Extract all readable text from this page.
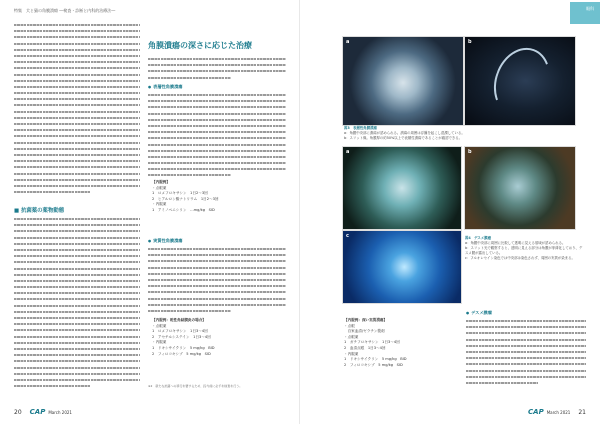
特集　犬と猫の角膜潰瘍 ―検査・診断と内科的治療法―
■ 抗菌薬の薬物動態
角膜潰瘍の深さに応じた治療
● 表層性角膜潰瘍
【内服例】
・点眼薬
1　ロメフロキサシン　1日2〜3回
2　ヒアルロン酸ナトリウム　1日2〜3回
・内服薬
1　アミノペニシリン　…mg/kg　SID
● 実質性角膜潰瘍
【内服例：乾性角結膜炎の場合】
・点眼薬
1　ロメフロキサシン　1日3〜4回
2　アセチルシステイン　1日3〜4回
・内服薬
1　ドキシサイクリン　5 mg/kg　BID
2　フィロコキシブ　5 mg/kg　SID
※2　新たな抗菌への移行を要するため、投与前に必ずを検査を行う。
20 CAP March 2021
眼科
a	b
図3　表層性角膜潰瘍
a：角膜中央部に潰瘍が認められる。潰瘍の周囲は浮腫を起こし混濁している。
b：スリット像。角膜厚の約50%以上で表層性潰瘍であることが確認できる。
a	b
c	図4　デスメ膜瘤
a：角膜中央部に周囲に比較して透明に見える領域が認められる。
b：スリット光で観察すると、透明に見える部分は角膜が菲薄化しており、デスメ膜が露出している。
c：フルオレセイン染色では中央部は染色されず、周囲の実質が染まる。
【内服例：深い実質潰瘍】
・点眼
　自家血清/ゼラチン製剤
・点眼薬
1　ガチフロキサシン　1日3〜4回
2　血清点眼　1日3〜4回
・内服薬
1　ドキシサイクリン　5 mg/kg　BID
2　フィロコキシブ　5 mg/kg　SID
● デスメ膜瘤
CAP March 2021 21
